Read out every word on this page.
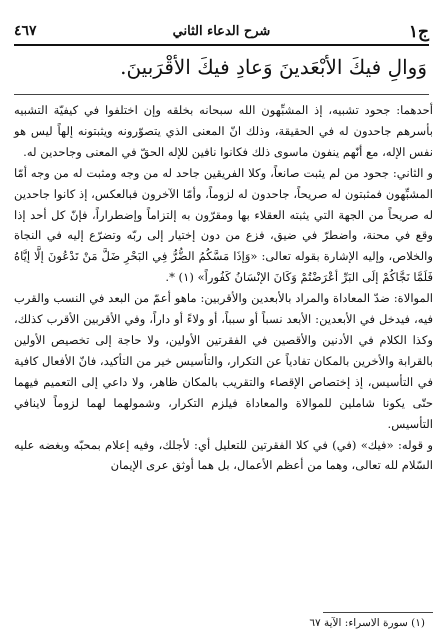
ج١
شرح الدعاء الثاني
٤٦٧
وَوالِ فيكَ الأبْعَدينَ وَعادِ فيكَ الأقْرَبينَ.

أحدهما: جحود تشبيه، إذ المشبِّهون الله سبحانه بخلقه وإن اختلفوا في كيفيّة التشبيه بأسرهم جاحدون له في الحقيقة، وذلك انّ المعنى الذي يتصوّرونه ويثبتونه إلهاً ليس هو نفس الإله، مع أنّهم ينفون ماسوى ذلك فكانوا نافين للإله الحقّ في المعنى وجاحدين له.

و الثاني: جحود من لم يثبت صانعاً، وكلا الفريقين جاحد له من وجه ومثبت له من وجه أمّا المشبِّهون فمثبتون له صريحاً، جاحدون له لزوماً، وأمّا الآخرون فبالعكس، إذ كانوا جاحدين له صريحاً من الجهة التي يثبته العقلاء بها ومقرّون به إلتزاماً وإضطراراً، فإنّ كل أحد إذا وقع في محنة، واضطرّ في ضيق، فزع من دون إختيار إلى ربّه وتضرّع إليه في النجاة والخلاص، وإليه الإشارة بقوله تعالى: «وَإذَا مَسَّكُمُ الضُّرُّ فِي البَحْرِ ضَلَّ مَنْ تَدْعُونَ إلَّا إيَّاهُ فَلَمَّا نَجَّاكُمْ إلَى البَرِّ أعْرَضْتُمْ وَكَانَ الإنْسَانُ كَفُوراً» (١) *.

الموالاة: ضدّ المعاداة والمراد بالأبعدين والأقربين: ماهو أعمّ من البعد في النسب والقرب فيه، فيدخل في الأبعدين: الأبعد نسباً أو سبباً، أو ولاءً أو داراً، وفي الأقربين الأقرب كذلك، وكذا الكلام في الأدنين والأقصين في الفقرتين الأولين، ولا حاجة إلى تخصيص الأولين بالقرابة والأخرين بالمكان تفادياً عن التكرار، والتأسيس خير من التأكيد، فانّ الأفعال كافية في التأسيس، إذ إختصاص الإقصاء والتقريب بالمكان ظاهر، ولا داعي إلى التعميم فيهما حتّى يكونا شاملين للموالاة والمعاداة فيلزم التكرار، وشمولهما لهما لزوماً لاينافي التأسيس.

و قوله: «فيك» (في) في كلا الفقرتين للتعليل أي: لأجلك، وفيه إعلام بمحبّه وبغضه عليه السّلام لله تعالى، وهما من أعظم الأعمال، بل هما أوثق عرى الإيمان

(١) سورة الاسراء: الآية ٦٧
